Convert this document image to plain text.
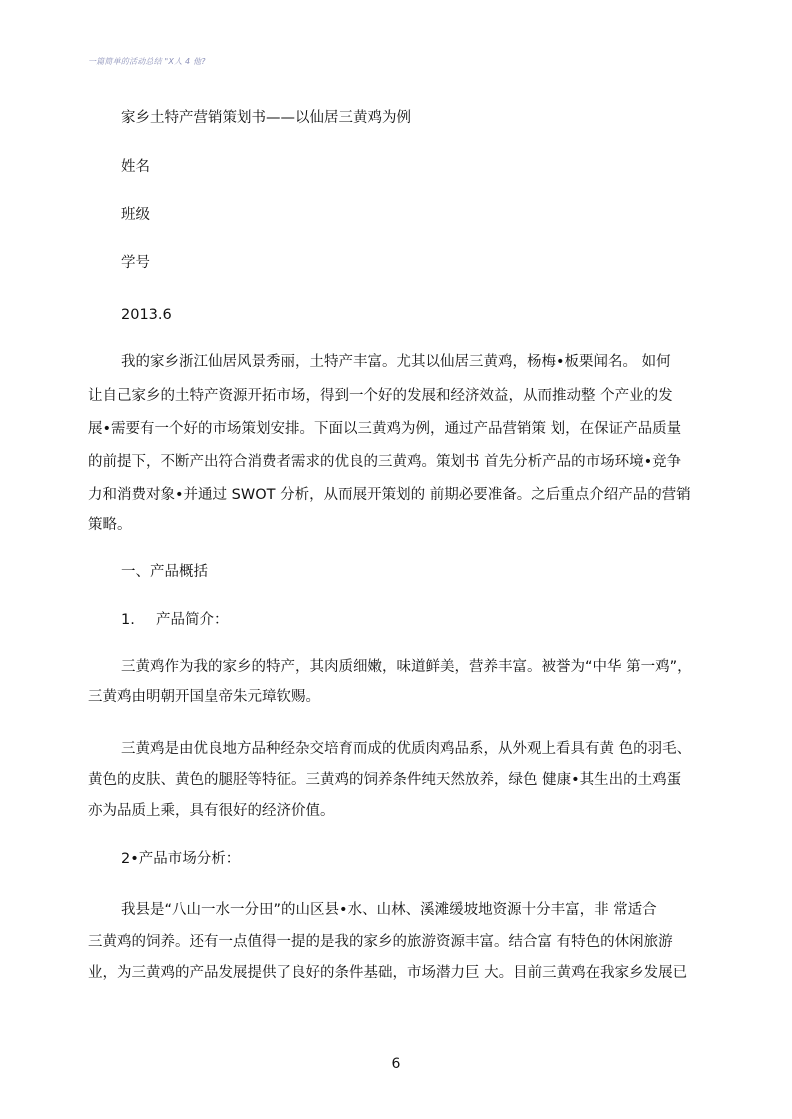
一篇简单的活动总结 "X人 4 他?
家乡土特产营销策划书——以仙居三黄鸡为例
姓名
班级
学号
2013.6
我的家乡浙江仙居风景秀丽，土特产丰富。尤其以仙居三黄鸡，杨梅•板栗闻名。 如何
让自己家乡的土特产资源开拓市场，得到一个好的发展和经济效益，从而推动整 个产业的发
展•需要有一个好的市场策划安排。下面以三黄鸡为例，通过产品营销策 划，在保证产品质量
的前提下，不断产出符合消费者需求的优良的三黄鸡。策划书 首先分析产品的市场环境•竞争
力和消费对象•并通过 SWOT 分析，从而展开策划的 前期必要准备。之后重点介绍产品的营销
策略。
一、产品概括
1. 产品简介：
三黄鸡作为我的家乡的特产，其肉质细嫩，味道鲜美，营养丰富。被誉为“中华 第一鸡”，
三黄鸡由明朝开国皇帝朱元璋钦赐。
三黄鸡是由优良地方品种经杂交培育而成的优质肉鸡品系，从外观上看具有黄 色的羽毛、
黄色的皮肤、黄色的腿胫等特征。三黄鸡的饲养条件纯天然放养，绿色 健康•其生出的土鸡蛋
亦为品质上乘，具有很好的经济价值。
2•产品市场分析：
我县是“八山一水一分田”的山区县•水、山林、溪滩缓坡地资源十分丰富，非 常适合
三黄鸡的饲养。还有一点值得一提的是我的家乡的旅游资源丰富。结合富 有特色的休闲旅游
业，为三黄鸡的产品发展提供了良好的条件基础，市场潜力巨 大。目前三黄鸡在我家乡发展已
6
